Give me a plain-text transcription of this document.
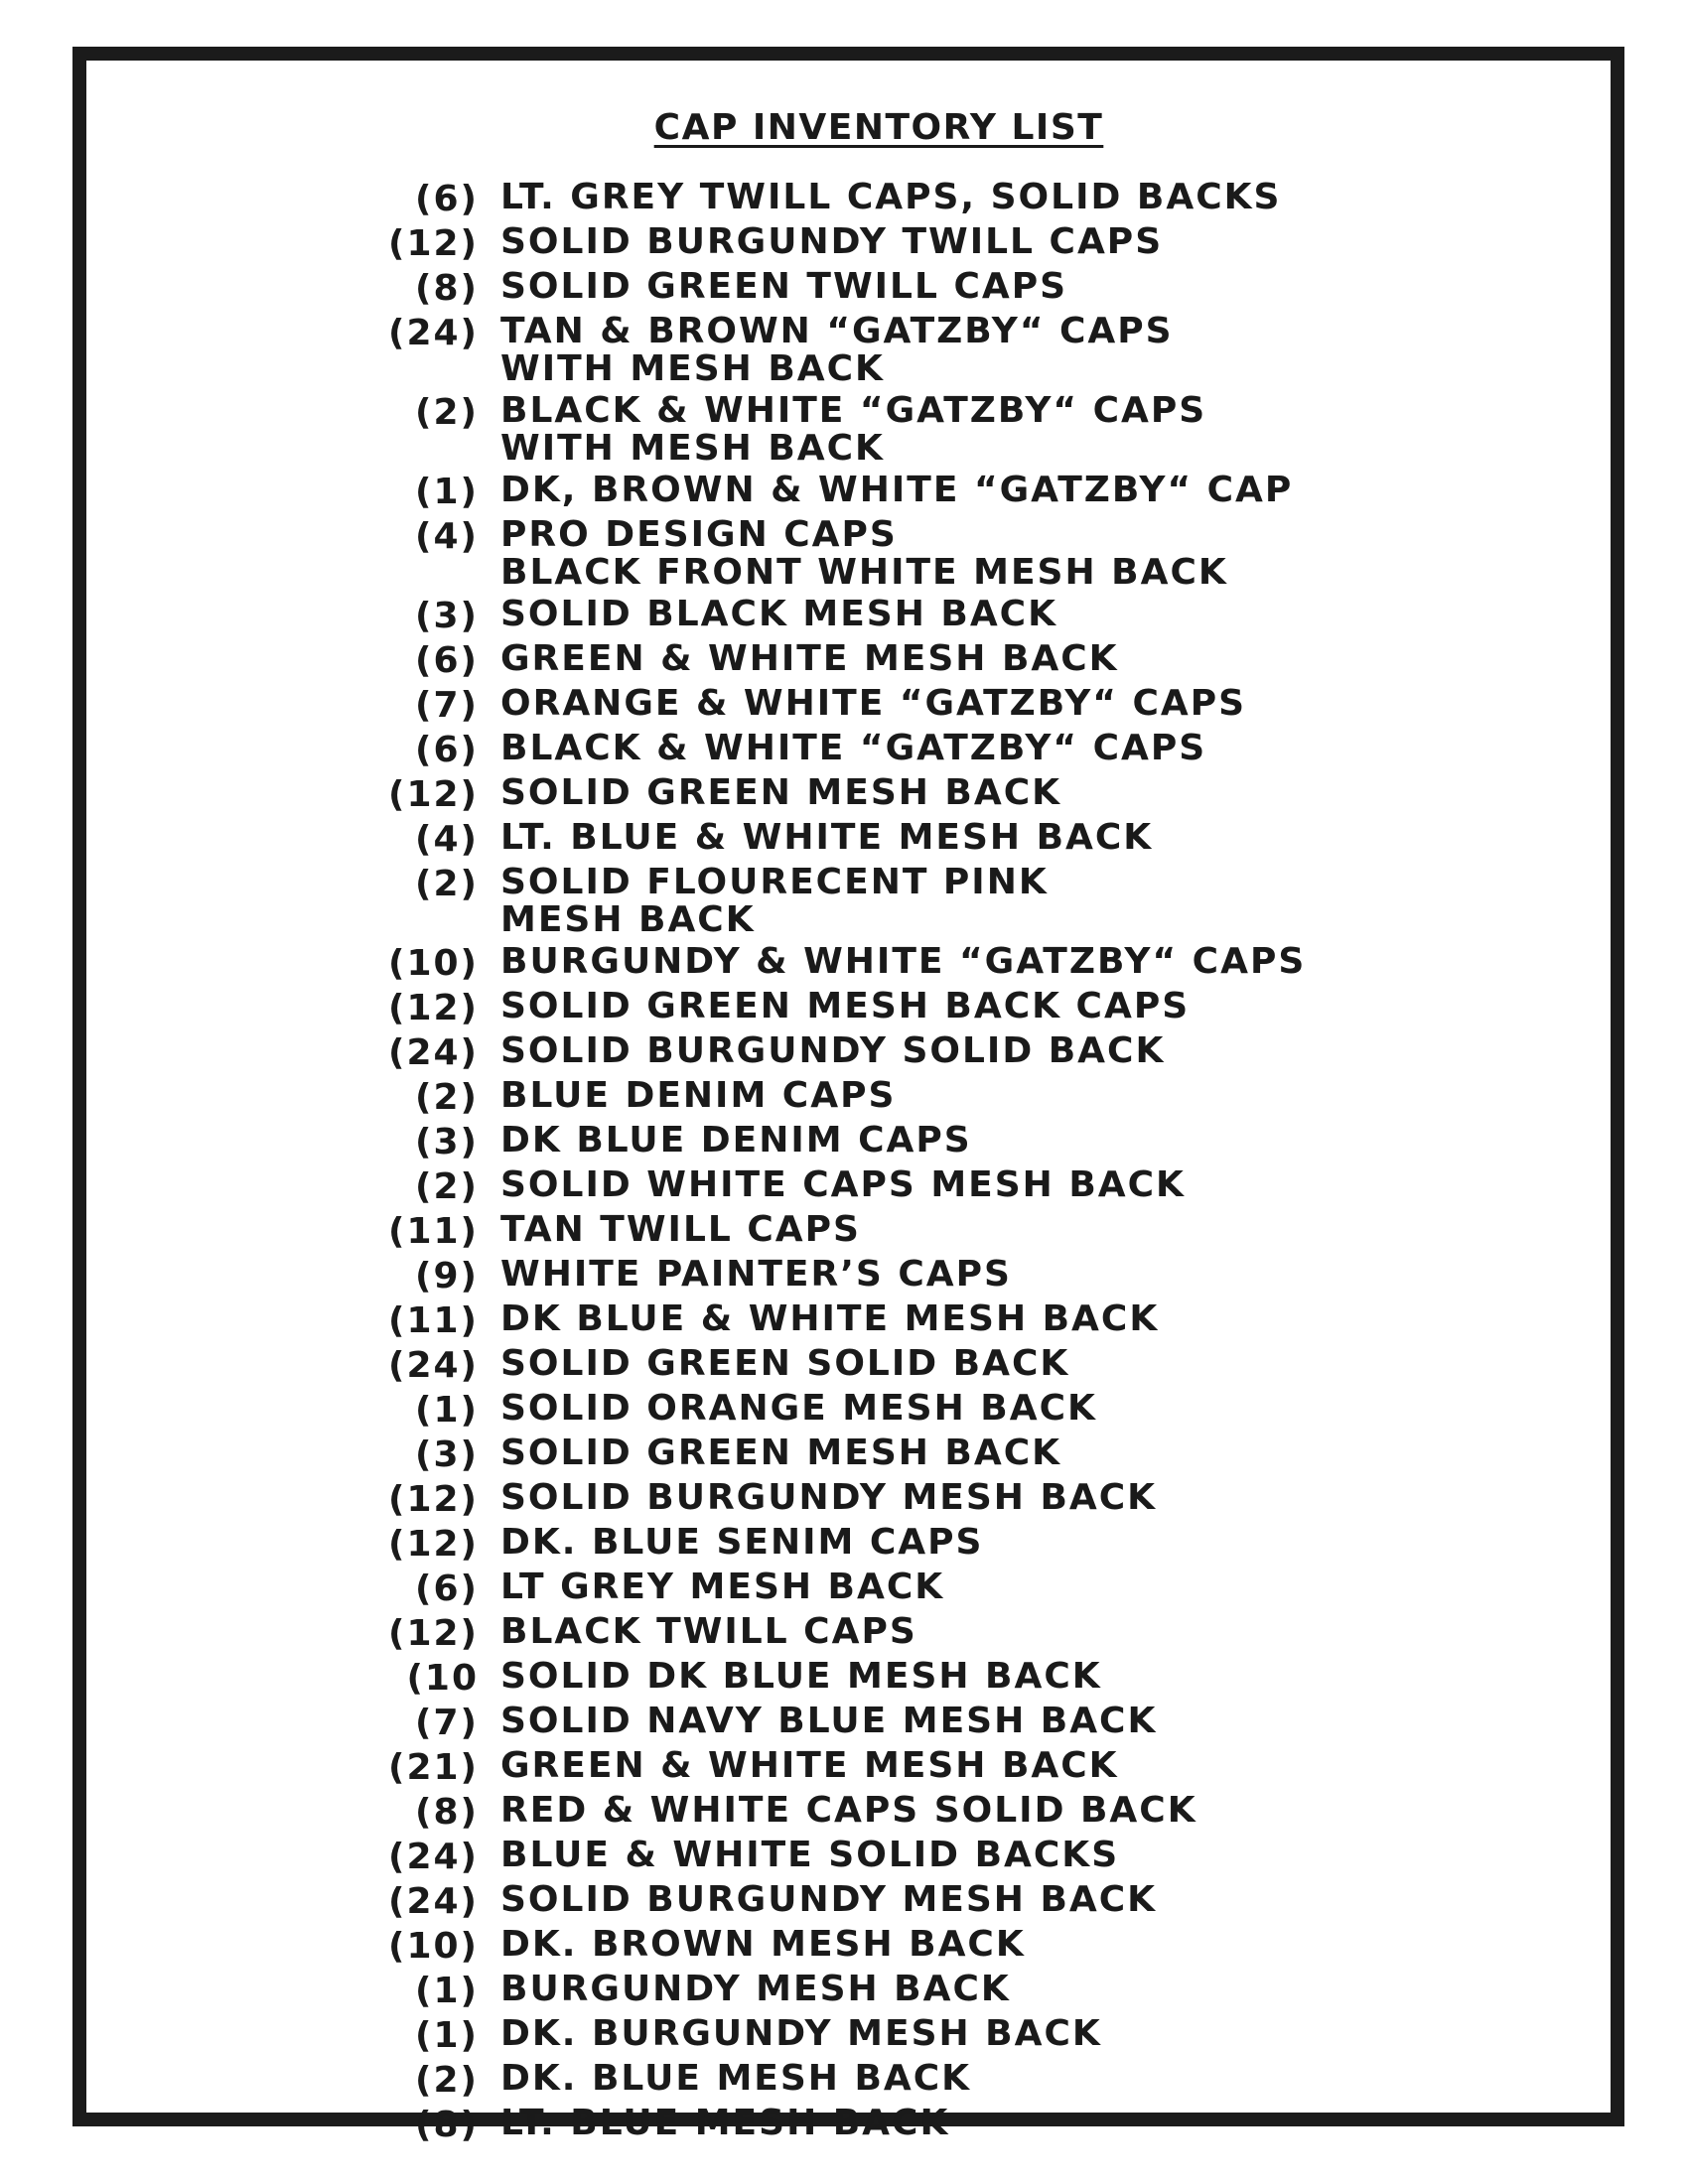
CAP INVENTORY LIST
(6) LT. GREY TWILL CAPS, SOLID BACKS
(12) SOLID BURGUNDY TWILL CAPS
(8) SOLID GREEN TWILL CAPS
(24) TAN & BROWN “GATZBY“ CAPS
WITH MESH BACK
(2) BLACK & WHITE “GATZBY“ CAPS
WITH MESH BACK
(1) DK, BROWN & WHITE “GATZBY“ CAP
(4) PRO DESIGN CAPS
BLACK FRONT WHITE MESH BACK
(3) SOLID BLACK MESH BACK
(6) GREEN & WHITE MESH BACK
(7) ORANGE & WHITE “GATZBY“ CAPS
(6) BLACK & WHITE “GATZBY“ CAPS
(12) SOLID GREEN MESH BACK
(4) LT. BLUE & WHITE MESH BACK
(2) SOLID FLOURECENT PINK
MESH BACK
(10) BURGUNDY & WHITE “GATZBY“ CAPS
(12) SOLID GREEN MESH BACK CAPS
(24) SOLID BURGUNDY SOLID BACK
(2) BLUE DENIM CAPS
(3) DK BLUE DENIM CAPS
(2) SOLID WHITE CAPS MESH BACK
(11) TAN TWILL CAPS
(9) WHITE PAINTER’S CAPS
(11) DK BLUE & WHITE MESH BACK
(24) SOLID GREEN SOLID BACK
(1) SOLID ORANGE MESH BACK
(3) SOLID GREEN MESH BACK
(12) SOLID BURGUNDY MESH BACK
(12) DK. BLUE SENIM CAPS
(6) LT GREY MESH BACK
(12) BLACK TWILL CAPS
(10 SOLID DK BLUE MESH BACK
(7) SOLID NAVY BLUE MESH BACK
(21) GREEN & WHITE MESH BACK
(8) RED & WHITE CAPS SOLID BACK
(24) BLUE & WHITE SOLID BACKS
(24) SOLID BURGUNDY MESH BACK
(10) DK. BROWN MESH BACK
(1) BURGUNDY MESH BACK
(1) DK. BURGUNDY MESH BACK
(2) DK. BLUE MESH BACK
(8) LT. BLUE MESH BACK
